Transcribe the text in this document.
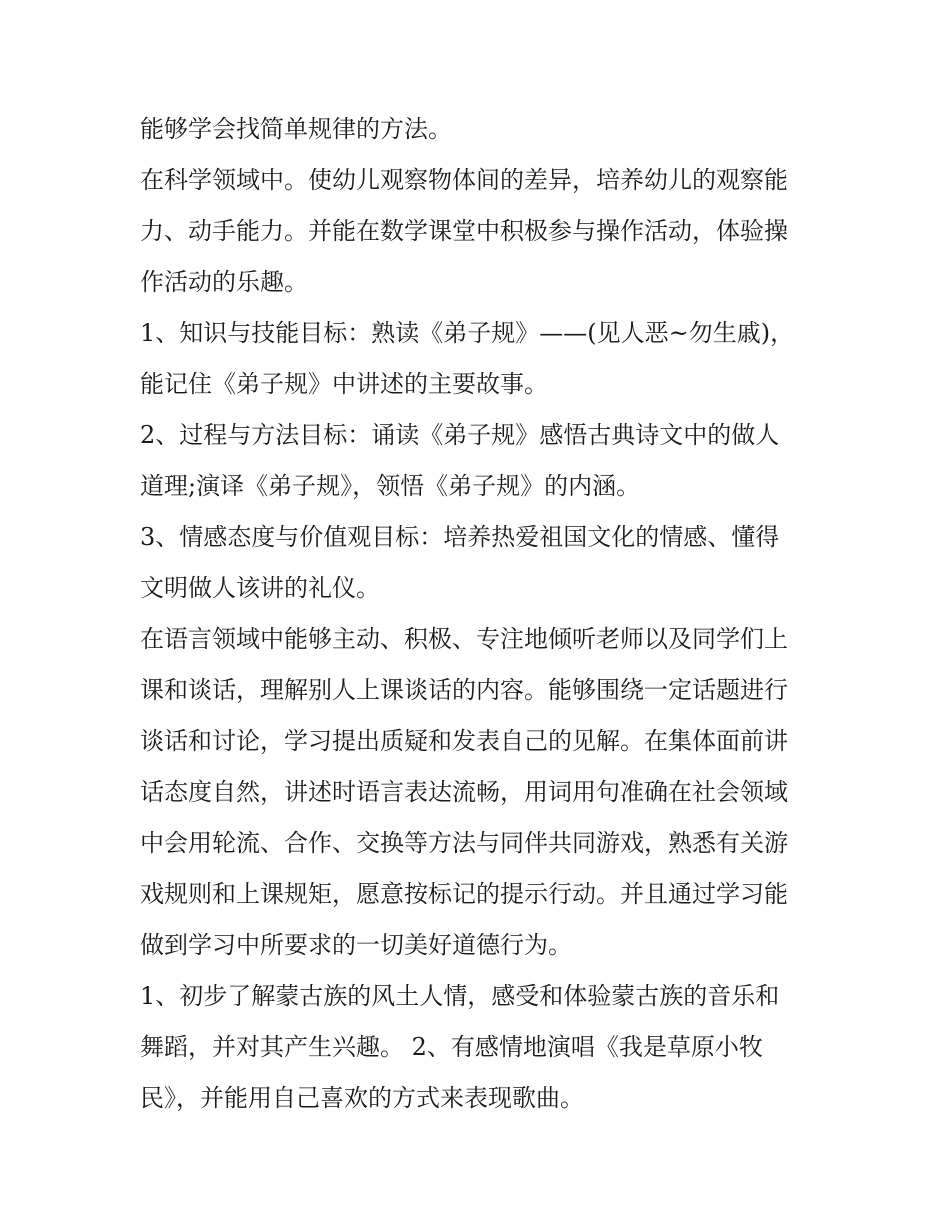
能够学会找简单规律的方法。

在科学领域中。使幼儿观察物体间的差异，培养幼儿的观察能
力、动手能力。并能在数学课堂中积极参与操作活动，体验操
作活动的乐趣。

1、知识与技能目标：熟读《弟子规》——(见人恶~勿生戚)，
能记住《弟子规》中讲述的主要故事。

2、过程与方法目标：诵读《弟子规》感悟古典诗文中的做人
道理;演译《弟子规》，领悟《弟子规》的内涵。

3、情感态度与价值观目标：培养热爱祖国文化的情感、懂得
文明做人该讲的礼仪。

在语言领域中能够主动、积极、专注地倾听老师以及同学们上
课和谈话，理解别人上课谈话的内容。能够围绕一定话题进行
谈话和讨论，学习提出质疑和发表自己的见解。在集体面前讲
话态度自然，讲述时语言表达流畅，用词用句准确在社会领域
中会用轮流、合作、交换等方法与同伴共同游戏，熟悉有关游
戏规则和上课规矩，愿意按标记的提示行动。并且通过学习能
做到学习中所要求的一切美好道德行为。

1、初步了解蒙古族的风土人情，感受和体验蒙古族的音乐和
舞蹈，并对其产生兴趣。 2、有感情地演唱《我是草原小牧
民》，并能用自己喜欢的方式来表现歌曲。
